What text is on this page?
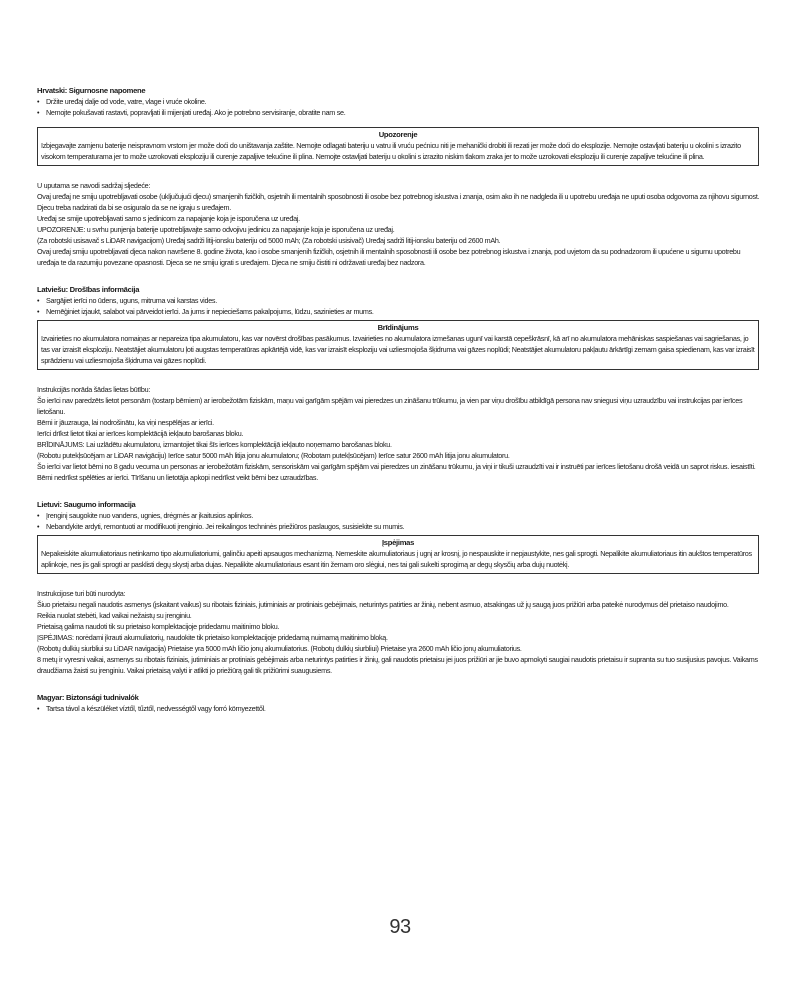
Hrvatski: Sigurnosne napomene
• Držite uređaj dalje od vode, vatre, vlage i vruće okoline.
• Nemojte pokušavati rastavti, popravljati ili mijenjati uređaj. Ako je potrebno servisiranje, obratite nam se.
Upozorenje
Izbjegavajte zamjenu baterije neispravnom vrstom jer može doći do uništavanja zaštite. Nemojte odlagati bateriju u vatru ili vruću pećnicu niti je mehanički drobiti ili rezati jer može doći do eksplozije. Nemojte ostavljati bateriju u okolini s izrazito visokom temperaturama jer to može uzrokovati eksploziju ili curenje zapaljive tekućine ili plina. Nemojte ostavljati bateriju u okolini s izrazito niskim tlakom zraka jer to može uzrokovati eksploziju ili curenje zapaljive tekućine ili plina.

U uputama se navodi sadržaj sljedeće:

Ovaj uređaj ne smiju upotrebljavati osobe (uključujući djecu) smanjenih fizičkih, osjetnih ili mentalnih sposobnosti ili osobe bez potrebnog iskustva i znanja, osim ako ih ne nadgleda ili u upotrebu uređaja ne uputi osoba odgovorna za njihovu sigurnost.

Djecu treba nadzirati da bi se osiguralo da se ne igraju s uređajem.

Uređaj se smije upotrebljavati samo s jedinicom za napajanje koja je isporučena uz uređaj.

UPOZORENJE: u svrhu punjenja baterije upotrebljavajte samo odvojivu jedinicu za napajanje koja je isporučena uz uređaj.

(Za robotski usisavač s LiDAR navigacijom) Uređaj sadrži litij-ionsku bateriju od 5000 mAh; (Za robotski usisivač) Uređaj sadrži litij-ionsku bateriju od 2600 mAh.

Ovaj uređaj smiju upotrebljavati djeca nakon navršene 8. godine života, kao i osobe smanjenih fizičkih, osjetnih ili mentalnih sposobnosti ili osobe bez potrebnog iskustva i znanja, pod uvjetom da su podnadzorom ili upućene u sigurnu upotrebu uređaja te da razumiju povezane opasnosti. Djeca se ne smiju igrati s uređajem. Djeca ne smiju čistiti ni održavati uređaj bez nadzora.

Latviešu: Drošības informācija
• Sargājiet ierīci no ūdens, uguns, mitruma vai karstas vides.
• Nemēģiniet izjaukt, salabot vai pārveidot ierīci. Ja jums ir nepieciešams pakalpojums, lūdzu, sazinieties ar mums.
Brīdinājums
Izvairieties no akumulatora nomaiņas ar nepareiza tipa akumulatoru, kas var novērst drošības pasākumus. Izvairieties no akumulatora izmešanas ugunī vai karstā cepeškrāsnī, kā arī no akumulatora mehāniskas saspiešanas vai sagriešanas, jo tas var izraisīt eksploziju. Neatstājiet akumulatoru ļoti augstas temperatūras apkārtējā vidē, kas var izraisīt eksploziju vai uzliesmojoša šķidruma vai gāzes noplūdi; Neatstājiet akumulatoru pakļautu ārkārtīgi zemam gaisa spiedienam, kas var izraisīt sprādzienu vai uzliesmojoša šķidruma vai gāzes noplūdi.

Instrukcijās norāda šādas lietas būtību:

Šo ierīci nav paredzēts lietot personām (tostarp bērniem) ar ierobežotām fiziskām, maņu vai garīgām spējām vai pieredzes un zināšanu trūkumu, ja vien par viņu drošību atbildīgā persona nav sniegusi viņu uzraudzību vai instrukcijas par ierīces lietošanu.

Bērni ir jāuzrauga, lai nodrošinātu, ka viņi nespēlējas ar ierīci.

Ierīci drīkst lietot tikai ar ierīces komplektācijā iekļauto barošanas bloku.

BRĪDINĀJUMS: Lai uzlādētu akumulatoru, izmantojiet tikai šīs ierīces komplektācijā iekļauto noņemamo barošanas bloku.

(Robotu putekļsūcējam ar LiDAR navigāciju) Ierīce satur 5000 mAh litija jonu akumulatoru; (Robotam putekļsūcējam) Ierīce satur 2600 mAh litija jonu akumulatoru.

Šo ierīci var lietot bērni no 8 gadu vecuma un personas ar ierobežotām fiziskām, sensoriskām vai garīgām spējām vai pieredzes un zināšanu trūkumu, ja viņi ir tikuši uzraudzīti vai ir instruēti par ierīces lietošanu drošā veidā un saprot riskus. iesaistīti. Bērni nedrīkst spēlēties ar ierīci. Tīrīšanu un lietotāja apkopi nedrīkst veikt bērni bez uzraudzības.

Lietuvi: Saugumo informacija
• Įrenginį saugokite nuo vandens, ugnies, drėgmės ar įkaitusios aplinkos.
• Nebandykite ardyti, remontuoti ar modifikuoti įrenginio. Jei reikalingos techninės priežiūros paslaugos, susisiekite su mumis.
Įspėjimas
Nepakeiskite akumuliatoriaus netinkamo tipo akumuliatoriumi, galinčiu apeiti apsaugos mechanizmą. Nemeskite akumuliatoriaus į ugnį ar krosnį, jo nespauskite ir nepjaustykite, nes gali sprogti. Nepalikite akumuliatoriaus itin aukštos temperatūros aplinkoje, nes jis gali sprogti ar pasklisti degų skystį arba dujas. Nepalikite akumuliatoriaus esant itin žemam oro slėgiui, nes tai gali sukelti sprogimą ar degų skysčių arba dujų nuotėkį.

Instrukcijose turi būti nurodyta:

Šiuo prietaisu negali naudotis asmenys (įskaitant vaikus) su ribotais fiziniais, jutiminiais ar protiniais gebėjimais, neturintys patirties ar žinių, nebent asmuo, atsakingas už jų saugą juos prižiūri arba pateikė nurodymus dėl prietaiso naudojimo.

Reikia nuolat stebėti, kad vaikai nežaistų su įrenginiu.

Prietaisą galima naudoti tik su prietaiso komplektacijoje pridedamu maitinimo bloku.

ĮSPĖJIMAS: norėdami įkrauti akumuliatorių, naudokite tik prietaiso komplektacijoje pridedamą nuimamą maitinimo bloką.

(Robotų dulkių siurbliui su LiDAR navigacija) Prietaise yra 5000 mAh ličio jonų akumuliatorius. (Robotų dulkių siurbliui) Prietaise yra 2600 mAh ličio jonų akumuliatorius.

8 metų ir vyresni vaikai, asmenys su ribotais fiziniais, jutiminiais ar protiniais gebėjimais arba neturintys patirties ir žinių, gali naudotis prietaisu jei juos prižiūri ar jie buvo apmokyti saugiai naudotis prietaisu ir supranta su tuo susijusius pavojus. Vaikams draudžiama žaisti su įrenginiu. Vaikai prietaisą valyti ir atlikti jo priežiūrą gali tik prižiūrimi suaugusiems.

Magyar: Biztonsági tudnivalók
• Tartsa távol a készüléket víztől, tűztől, nedvességtől vagy forró környezettől.
93
